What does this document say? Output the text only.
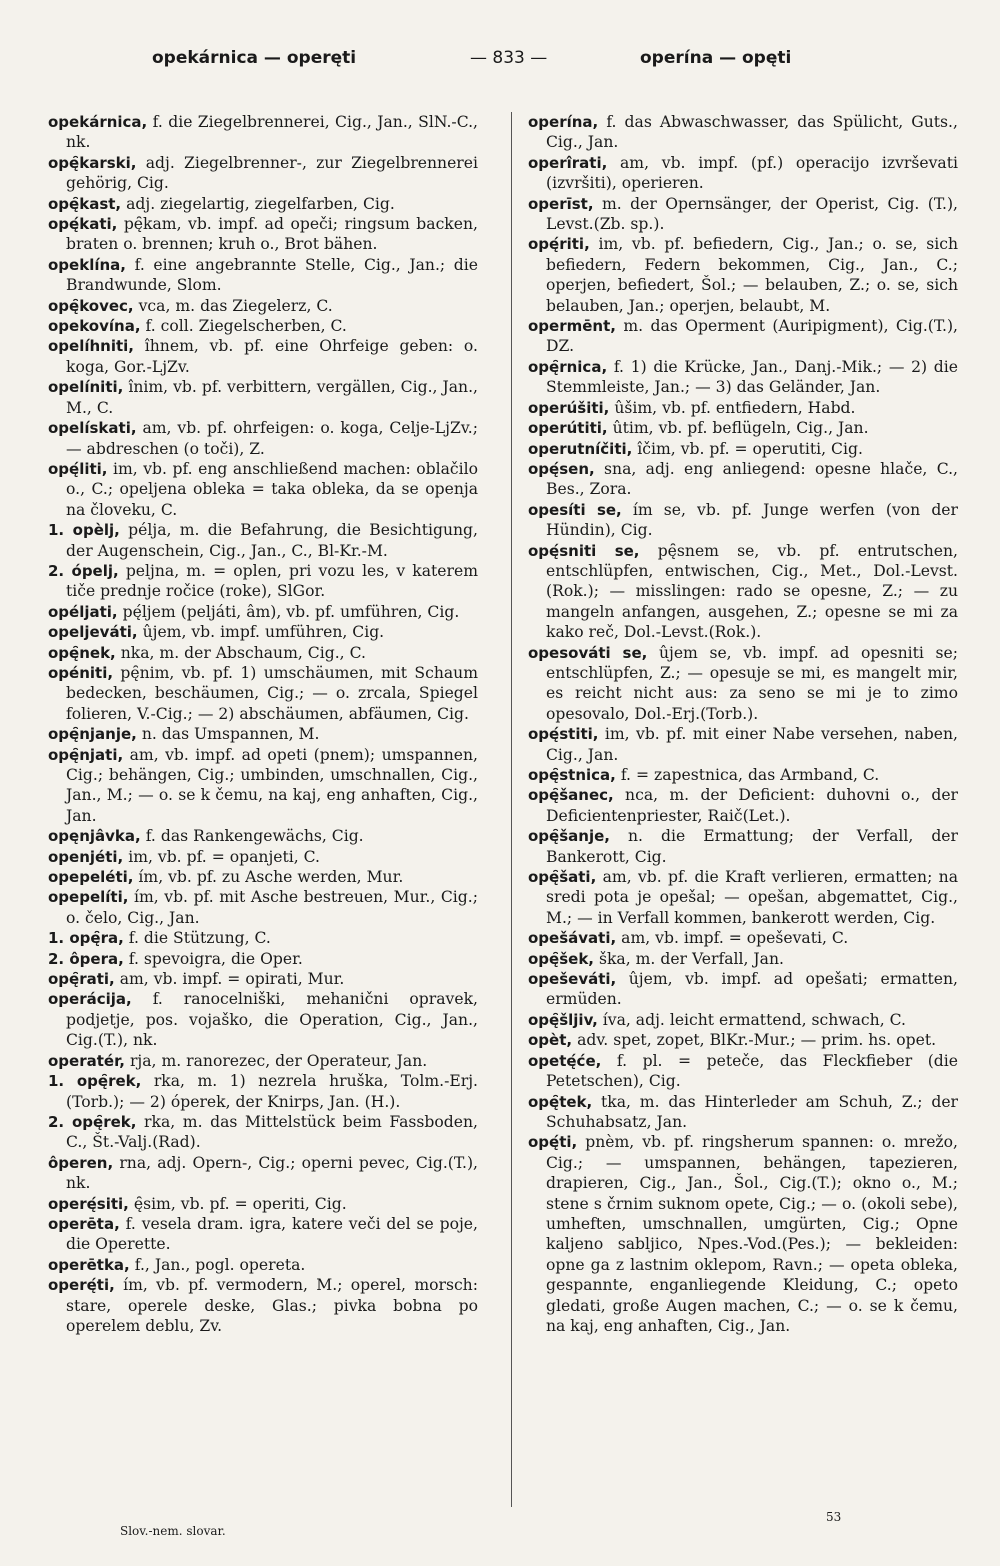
opekárnica — operęti	— 833 —	operína — opęti
opekárnica, f. die Ziegelbrennerei, Cig., Jan., SlN.-C., nk.
opę̑karski, adj. Ziegelbrenner-, zur Ziegelbrennerei gehörig, Cig.
opę̑kast, adj. ziegelartig, ziegelfarben, Cig.
opę́kati, pę̑kam, vb. impf. ad opeči; ringsum backen, braten o. brennen; kruh o., Brot bähen.
opeklína, f. eine angebrannte Stelle, Cig., Jan.; die Brandwunde, Slom.
opę̑kovec, vca, m. das Ziegelerz, C.
opekovína, f. coll. Ziegelscherben, C.
opelíhniti, îhnem, vb. pf. eine Ohrfeige geben: o. koga, Gor.-LjZv.
opelíniti, înim, vb. pf. verbittern, vergällen, Cig., Jan., M., C.
opelískati, am, vb. pf. ohrfeigen: o. koga, Celje-LjZv.; — abdreschen (o toči), Z.
opę́liti, im, vb. pf. eng anschließend machen: oblačilo o., C.; opeljena obleka = taka obleka, da se openja na človeku, C.
1. opèlj, pélja, m. die Befahrung, die Besichtigung, der Augenschein, Cig., Jan., C., Bl-Kr.-M.
2. ópelj, peljna, m. = oplen, pri vozu les, v katerem tiče prednje ročice (roke), SlGor.
opéljati, pę́ljem (peljáti, âm), vb. pf. umführen, Cig.
opeljeváti, ûjem, vb. impf. umführen, Cig.
opę̑nek, nka, m. der Abschaum, Cig., C.
opéniti, pę̑nim, vb. pf. 1) umschäumen, mit Schaum bedecken, beschäumen, Cig.; — o. zrcala, Spiegel folieren, V.-Cig.; — 2) abschäumen, abfäumen, Cig.
opę̑njanje, n. das Umspannen, M.
opę̑njati, am, vb. impf. ad opeti (pnem); umspannen, Cig.; behängen, Cig.; umbinden, umschnallen, Cig., Jan., M.; — o. se k čemu, na kaj, eng anhaften, Cig., Jan.
opęnjâvka, f. das Rankengewächs, Cig.
openjéti, im, vb. pf. = opanjeti, C.
opepeléti, ím, vb. pf. zu Asche werden, Mur.
opepelíti, ím, vb. pf. mit Asche bestreuen, Mur., Cig.; o. čelo, Cig., Jan.
1. opę̑ra, f. die Stützung, C.
2. ôpera, f. spevoigra, die Oper.
opę̑rati, am, vb. impf. = opirati, Mur.
operácija, f. ranocelniški, mehanični opravek, podjetje, pos. vojaško, die Operation, Cig., Jan., Cig.(T.), nk.
operatér, rja, m. ranorezec, der Operateur, Jan.
1. opę̑rek, rka, m. 1) nezrela hruška, Tolm.-Erj.(Torb.); — 2) óperek, der Knirps, Jan. (H.).
2. opę̑rek, rka, m. das Mittelstück beim Fassboden, C., Št.-Valj.(Rad).
ôperen, rna, adj. Opern-, Cig.; operni pevec, Cig.(T.), nk.
operę́siti, ę̑sim, vb. pf. = operiti, Cig.
operēta, f. vesela dram. igra, katere veči del se poje, die Operette.
operētka, f., Jan., pogl. opereta.
operę́ti, ím, vb. pf. vermodern, M.; operel, morsch: stare, operele deske, Glas.; pivka bobna po operelem deblu, Zv.
operína, f. das Abwaschwasser, das Spülicht, Guts., Cig., Jan.
operîrati, am, vb. impf. (pf.) operacijo izvrševati (izvršiti), operieren.
operīst, m. der Opernsänger, der Operist, Cig. (T.), Levst.(Zb. sp.).
opę́riti, im, vb. pf. befiedern, Cig., Jan.; o. se, sich befiedern, Federn bekommen, Cig., Jan., C.; operjen, befiedert, Šol.; — belauben, Z.; o. se, sich belauben, Jan.; operjen, belaubt, M.
opermēnt, m. das Operment (Auripigment), Cig.(T.), DZ.
opę̑rnica, f. 1) die Krücke, Jan., Danj.-Mik.; — 2) die Stemmleiste, Jan.; — 3) das Geländer, Jan.
operúšiti, ûšim, vb. pf. entfiedern, Habd.
operútiti, ûtim, vb. pf. beflügeln, Cig., Jan.
operutníčiti, îčim, vb. pf. = operutiti, Cig.
opę́sen, sna, adj. eng anliegend: opesne hlače, C., Bes., Zora.
opesíti se, ím se, vb. pf. Junge werfen (von der Hündin), Cig.
opę́sniti se, pę̑snem se, vb. pf. entrutschen, entschlüpfen, entwischen, Cig., Met., Dol.-Levst. (Rok.); — misslingen: rado se opesne, Z.; — zu mangeln anfangen, ausgehen, Z.; opesne se mi za kako reč, Dol.-Levst.(Rok.).
opesováti se, ûjem se, vb. impf. ad opesniti se; entschlüpfen, Z.; — opesuje se mi, es mangelt mir, es reicht nicht aus: za seno se mi je to zimo opesovalo, Dol.-Erj.(Torb.).
opę́stiti, im, vb. pf. mit einer Nabe versehen, naben, Cig., Jan.
opę̑stnica, f. = zapestnica, das Armband, C.
opę̑šanec, nca, m. der Deficient: duhovni o., der Deficientenpriester, Raič(Let.).
opę̑šanje, n. die Ermattung; der Verfall, der Bankerott, Cig.
opę̑šati, am, vb. pf. die Kraft verlieren, ermatten; na sredi pota je opešal; — opešan, abgemattet, Cig., M.; — in Verfall kommen, bankerott werden, Cig.
opešávati, am, vb. impf. = opeševati, C.
opę̑šek, ška, m. der Verfall, Jan.
opeševáti, ûjem, vb. impf. ad opešati; ermatten, ermüden.
opę̑šljiv, íva, adj. leicht ermattend, schwach, C.
opèt, adv. spet, zopet, BlKr.-Mur.; — prim. hs. opet.
opetę́će, f. pl. = peteče, das Fleckfieber (die Petetschen), Cig.
opę̑tek, tka, m. das Hinterleder am Schuh, Z.; der Schuhabsatz, Jan.
opę́ti, pnèm, vb. pf. ringsherum spannen: o. mrežo, Cig.; — umspannen, behängen, tapezieren, drapieren, Cig., Jan., Šol., Cig.(T.); okno o., M.; stene s črnim suknom opete, Cig.; — o. (okoli sebe), umheften, umschnallen, umgürten, Cig.; Opne kaljeno sabljico, Npes.-Vod.(Pes.); — bekleiden: opne ga z lastnim oklepom, Ravn.; — opeta obleka, gespannte, enganliegende Kleidung, C.; opeto gledati, große Augen machen, C.; — o. se k čemu, na kaj, eng anhaften, Cig., Jan.
Slov.-nem. slovar.
53
